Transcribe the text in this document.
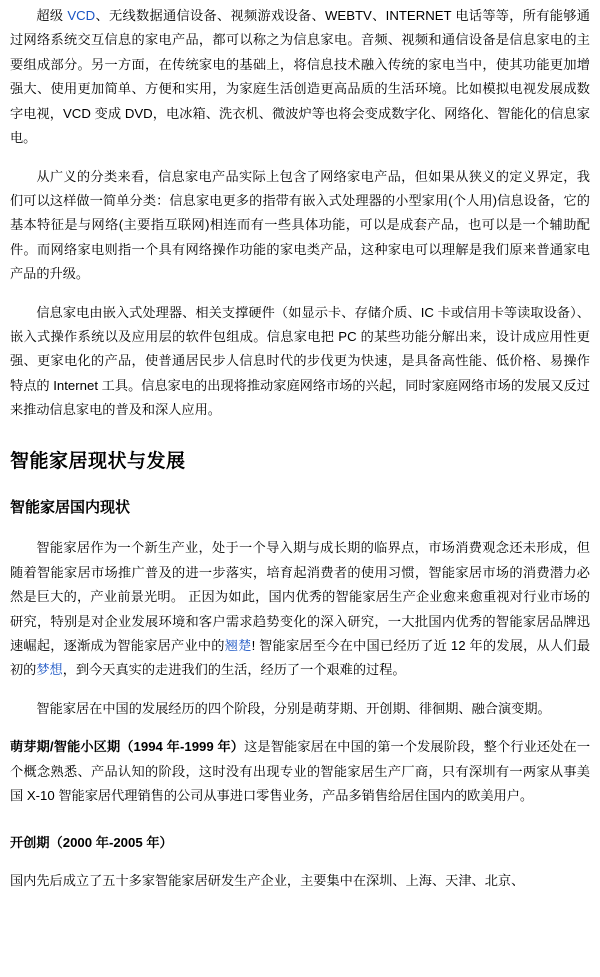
超级 VCD、无线数据通信设备、视频游戏设备、WEBTV、INTERNET 电话等等，所有能够通过网络系统交互信息的家电产品，都可以称之为信息家电。音频、视频和通信设备是信息家电的主要组成部分。另一方面，在传统家电的基础上，将信息技术融入传统的家电当中，使其功能更加增强大、使用更加简单、方便和实用，为家庭生活创造更高品质的生活环境。比如模拟电视发展成数字电视，VCD 变成 DVD，电冰箱、洗衣机、微波炉等也将会变成数字化、网络化、智能化的信息家电。

从广义的分类来看，信息家电产品实际上包含了网络家电产品，但如果从狭义的定义界定，我们可以这样做一简单分类：信息家电更多的指带有嵌入式处理器的小型家用(个人用)信息设备，它的基本特征是与网络(主要指互联网)相连而有一些具体功能，可以是成套产品，也可以是一个辅助配件。而网络家电则指一个具有网络操作功能的家电类产品，这种家电可以理解是我们原来普通家电产品的升级。

信息家电由嵌入式处理器、相关支撑硬件（如显示卡、存储介质、IC 卡或信用卡等读取设备）、嵌入式操作系统以及应用层的软件包组成。信息家电把 PC 的某些功能分解出来，设计成应用性更强、更家电化的产品，使普通居民步人信息时代的步伐更为快速，是具备高性能、低价格、易操作特点的 Internet 工具。信息家电的出现将推动家庭网络市场的兴起，同时家庭网络市场的发展又反过来推动信息家电的普及和深人应用。

智能家居现状与发展
智能家居国内现状

智能家居作为一个新生产业，处于一个导入期与成长期的临界点，市场消费观念还未形成，但随着智能家居市场推广普及的进一步落实，培育起消费者的使用习惯，智能家居市场的消费潜力必然是巨大的，产业前景光明。 正因为如此，国内优秀的智能家居生产企业愈来愈重视对行业市场的研究，特别是对企业发展环境和客户需求趋势变化的深入研究，一大批国内优秀的智能家居品牌迅速崛起，逐渐成为智能家居产业中的翘楚! 智能家居至今在中国已经历了近 12 年的发展，从人们最初的梦想，到今天真实的走进我们的生活，经历了一个艰难的过程。

智能家居在中国的发展经历的四个阶段，分别是萌芽期、开创期、徘徊期、融合演变期。

萌芽期/智能小区期（1994 年-1999 年）这是智能家居在中国的第一个发展阶段，整个行业还处在一个概念熟悉、产品认知的阶段，这时没有出现专业的智能家居生产厂商，只有深圳有一两家从事美国 X-10 智能家居代理销售的公司从事进口零售业务，产品多销售给居住国内的欧美用户。

开创期（2000 年-2005 年）

国内先后成立了五十多家智能家居研发生产企业，主要集中在深圳、上海、天津、北京、
